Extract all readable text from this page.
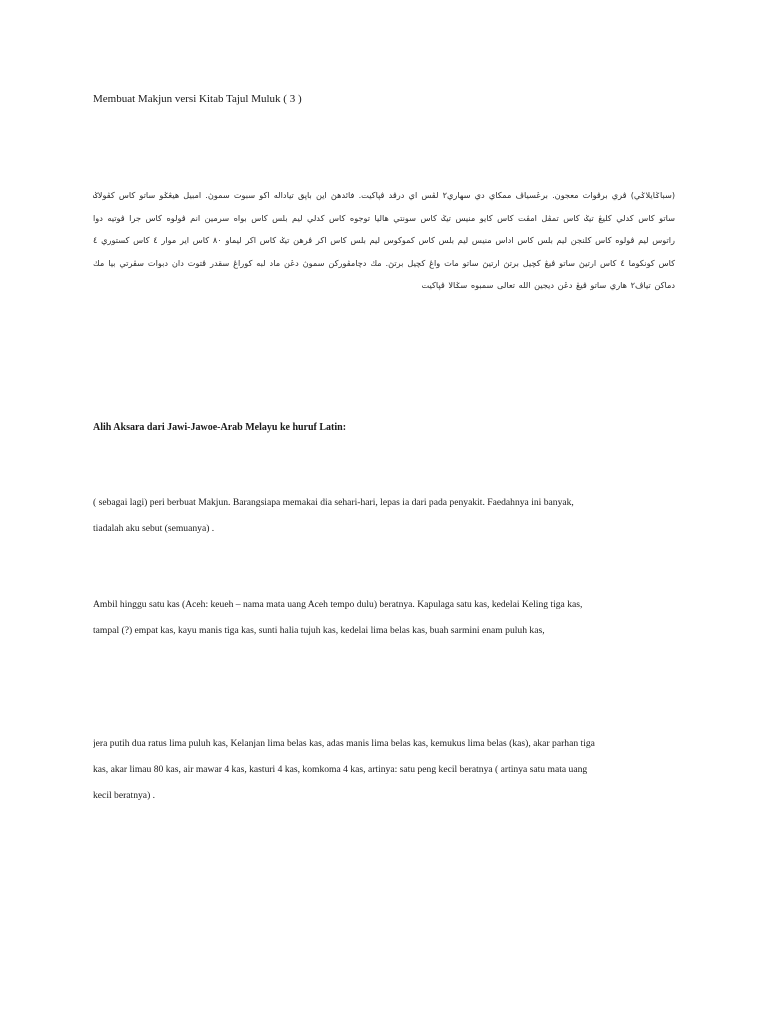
Membuat Makjun versi Kitab Tajul Muluk ( 3 )
(سباݢايلاݢي) ڤري برڤوات معجون. برڠسياڤ ممكاي دي سهاري٢ لڤس اي درڤد ڤپاكيت. فائدهڽ اين باڽق تياداله اکو سبوت سموڽ. امبيل هيڠݢو ساتو كاس كڤولاݢ ساتو كاس كدلي كليڠ تيݢ كاس تمڤل امڤت كاس كايو منيس تيݢ كاس سونتي هاليا توجوه كاس كدلي ليم بلس كاس بواه سرمين انم ڤولوه كاس جرا ڤوتيه دوا راتوس ليم ڤولوه كاس كلنجن ليم بلس كاس اداس منيس ليم بلس كاس كموكوس ليم بلس كاس اکر ڤرهن تيݢ كاس اکر ليماو ٨٠ كاس اير موار ٤ كاس كستوري ٤ كاس كونكوما ٤ كاس ارتيڽ ساتو ڤيڠ كچيل برتڽ ارتيڽ ساتو مات واڠ كچيل برتڽ. مك دچامڤوركن سموڽ دڠن ماد لبه كوراڠ سقدر ڤتوت دان دبوات سڤرتي بيا مك دماكن تياڤ٢ هاري ساتو ڤيڠ دڠن ديجين الله تعالى سمبوه سݢالا ڤپاكيت
Alih Aksara dari Jawi-Jawoe-Arab Melayu ke huruf Latin:
( sebagai lagi) peri berbuat Makjun. Barangsiapa memakai dia sehari-hari, lepas ia dari pada penyakit. Faedahnya ini banyak,
tiadalah aku sebut (semuanya) .
Ambil hinggu satu kas (Aceh: keueh – nama mata uang Aceh tempo dulu) beratnya. Kapulaga satu kas, kedelai Keling tiga kas,
tampal (?) empat kas, kayu manis tiga kas, sunti halia tujuh kas, kedelai lima belas kas, buah sarmini enam puluh kas,
jera putih dua ratus lima puluh kas, Kelanjan lima belas kas, adas manis lima belas kas, kemukus lima belas (kas), akar parhan tiga
kas, akar limau 80 kas, air mawar 4 kas, kasturi 4 kas, komkoma 4 kas, artinya: satu peng kecil beratnya ( artinya satu mata uang
kecil beratnya) .
